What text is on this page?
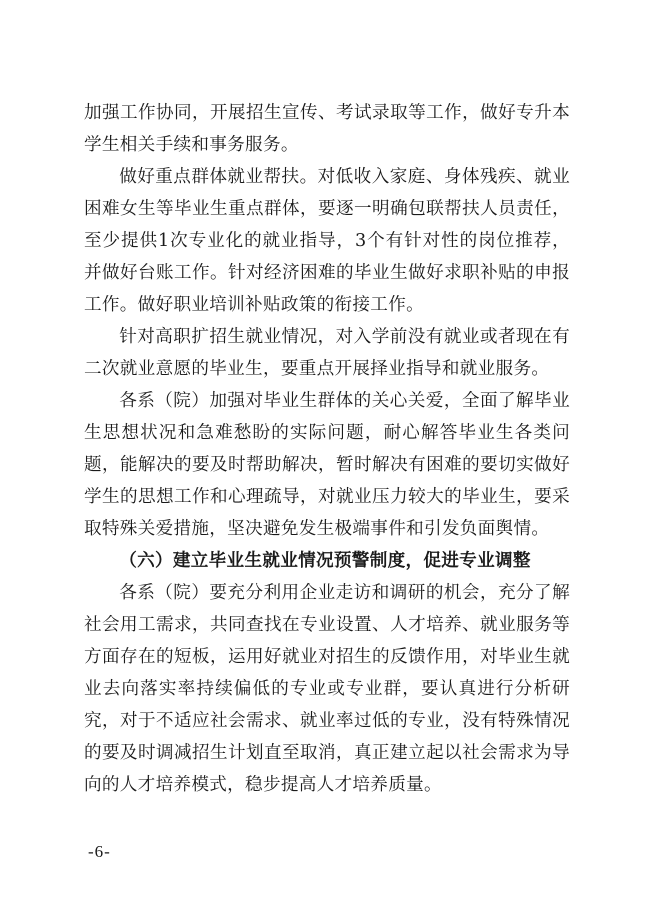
加强工作协同，开展招生宣传、考试录取等工作，做好专升本学生相关手续和事务服务。

做好重点群体就业帮扶。对低收入家庭、身体残疾、就业困难女生等毕业生重点群体，要逐一明确包联帮扶人员责任，至少提供1次专业化的就业指导，3个有针对性的岗位推荐，并做好台账工作。针对经济困难的毕业生做好求职补贴的申报工作。做好职业培训补贴政策的衔接工作。

针对高职扩招生就业情况，对入学前没有就业或者现在有二次就业意愿的毕业生，要重点开展择业指导和就业服务。

各系（院）加强对毕业生群体的关心关爱，全面了解毕业生思想状况和急难愁盼的实际问题，耐心解答毕业生各类问题，能解决的要及时帮助解决，暂时解决有困难的要切实做好学生的思想工作和心理疏导，对就业压力较大的毕业生，要采取特殊关爱措施，坚决避免发生极端事件和引发负面舆情。

（六）建立毕业生就业情况预警制度，促进专业调整

各系（院）要充分利用企业走访和调研的机会，充分了解社会用工需求，共同查找在专业设置、人才培养、就业服务等方面存在的短板，运用好就业对招生的反馈作用，对毕业生就业去向落实率持续偏低的专业或专业群，要认真进行分析研究，对于不适应社会需求、就业率过低的专业，没有特殊情况的要及时调减招生计划直至取消，真正建立起以社会需求为导向的人才培养模式，稳步提高人才培养质量。

-6-
